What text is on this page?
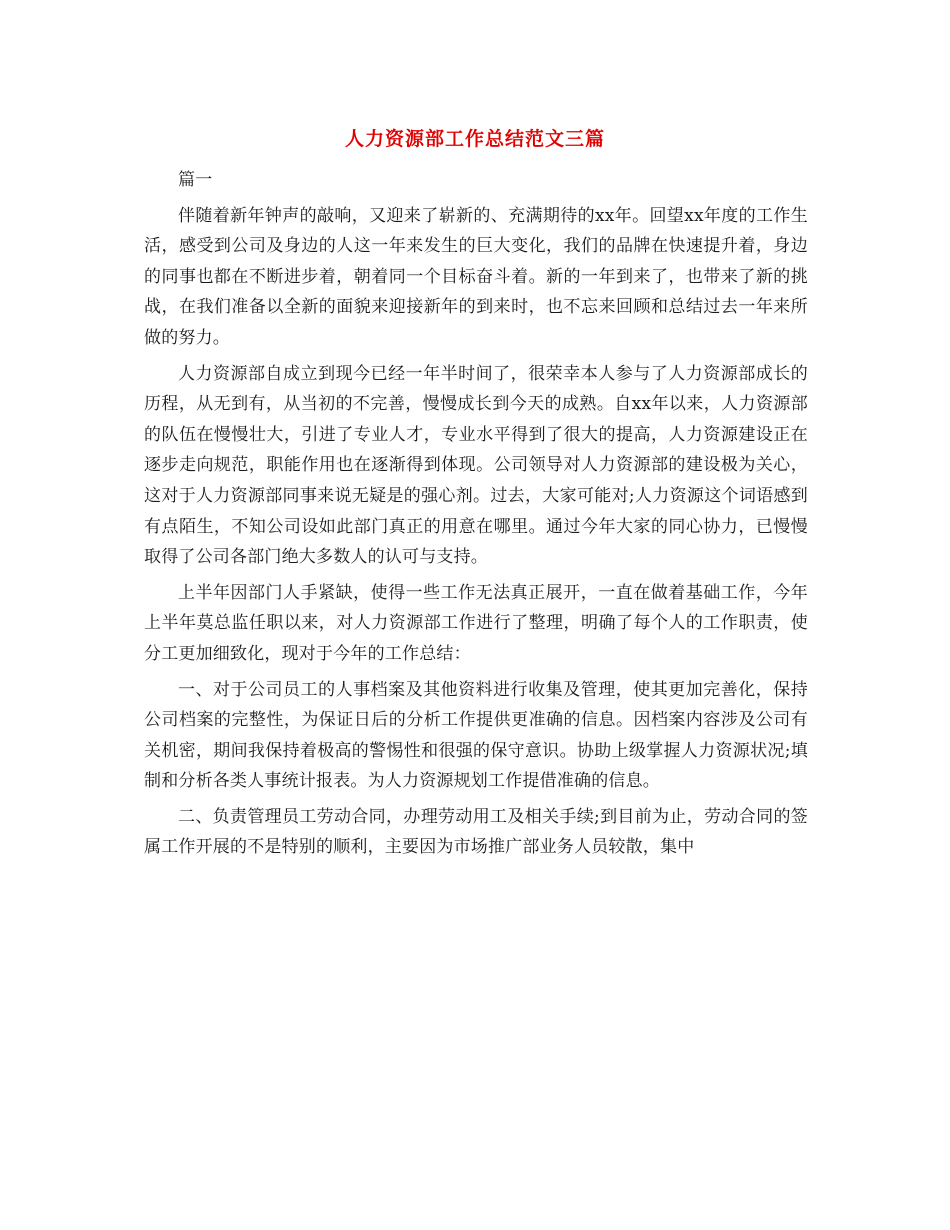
人力资源部工作总结范文三篇

篇一

伴随着新年钟声的敲响，又迎来了崭新的、充满期待的xx年。回望xx年度的工作生活，感受到公司及身边的人这一年来发生的巨大变化，我们的品牌在快速提升着，身边的同事也都在不断进步着，朝着同一个目标奋斗着。新的一年到来了，也带来了新的挑战，在我们准备以全新的面貌来迎接新年的到来时，也不忘来回顾和总结过去一年来所做的努力。

人力资源部自成立到现今已经一年半时间了，很荣幸本人参与了人力资源部成长的历程，从无到有，从当初的不完善，慢慢成长到今天的成熟。自xx年以来，人力资源部的队伍在慢慢壮大，引进了专业人才，专业水平得到了很大的提高，人力资源建设正在逐步走向规范，职能作用也在逐渐得到体现。公司领导对人力资源部的建设极为关心，这对于人力资源部同事来说无疑是的强心剂。过去，大家可能对;人力资源这个词语感到有点陌生，不知公司设如此部门真正的用意在哪里。通过今年大家的同心协力，已慢慢取得了公司各部门绝大多数人的认可与支持。

上半年因部门人手紧缺，使得一些工作无法真正展开，一直在做着基础工作，今年上半年莫总监任职以来，对人力资源部工作进行了整理，明确了每个人的工作职责，使分工更加细致化，现对于今年的工作总结：

一、对于公司员工的人事档案及其他资料进行收集及管理，使其更加完善化，保持公司档案的完整性，为保证日后的分析工作提供更准确的信息。因档案内容涉及公司有关机密，期间我保持着极高的警惕性和很强的保守意识。协助上级掌握人力资源状况;填制和分析各类人事统计报表。为人力资源规划工作提借准确的信息。

二、负责管理员工劳动合同，办理劳动用工及相关手续;到目前为止，劳动合同的签属工作开展的不是特别的顺利，主要因为市场推广部业务人员较散，集中
